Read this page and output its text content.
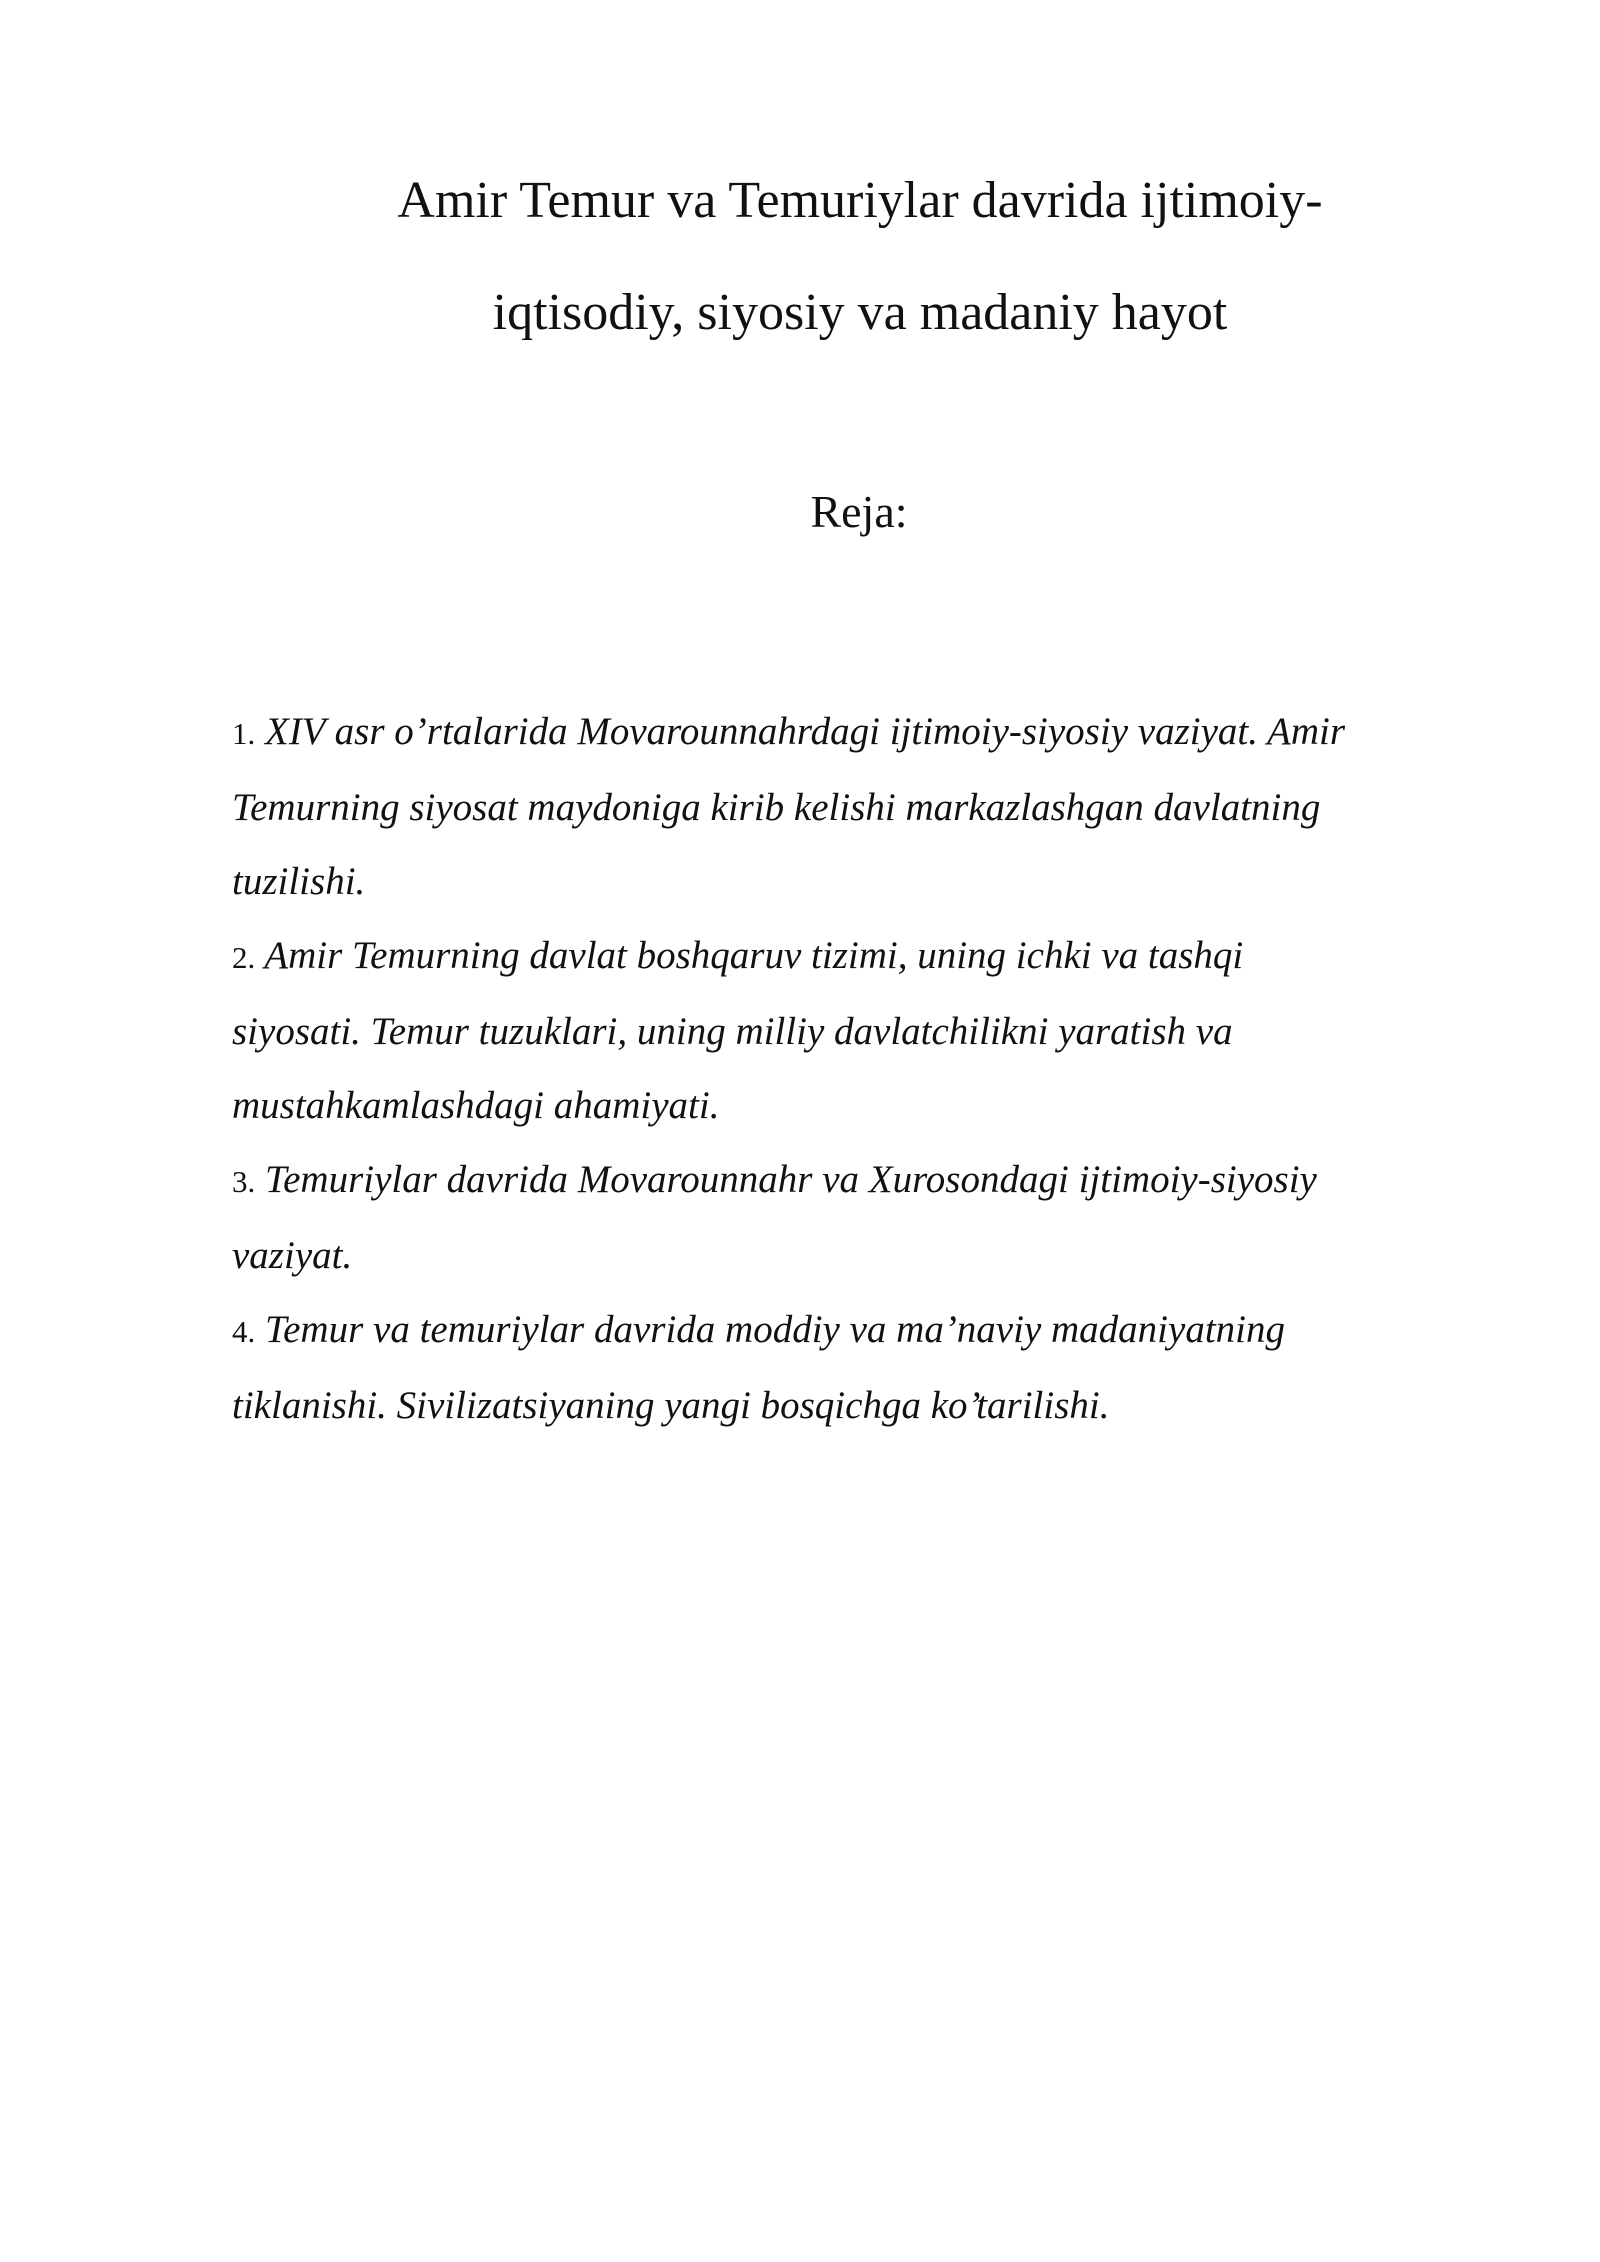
Amir Temur va Temuriylar davrida ijtimoiy-
iqtisodiy, siyosiy va madaniy hayot
Reja:
1. XIV asr o’rtalarida Movarounnahrdagi ijtimoiy-siyosiy vaziyat. Amir
Temurning siyosat maydoniga kirib kelishi markazlashgan davlatning
tuzilishi.
2. Amir Temurning davlat boshqaruv tizimi, uning ichki va tashqi
siyosati. Temur tuzuklari, uning milliy davlatchilikni yaratish va
mustahkamlashdagi ahamiyati.
3. Temuriylar davrida Movarounnahr va Xurosondagi ijtimoiy-siyosiy
vaziyat.
4. Temur va temuriylar davrida moddiy va ma’naviy madaniyatning
tiklanishi. Sivilizatsiyaning yangi bosqichga ko’tarilishi.
